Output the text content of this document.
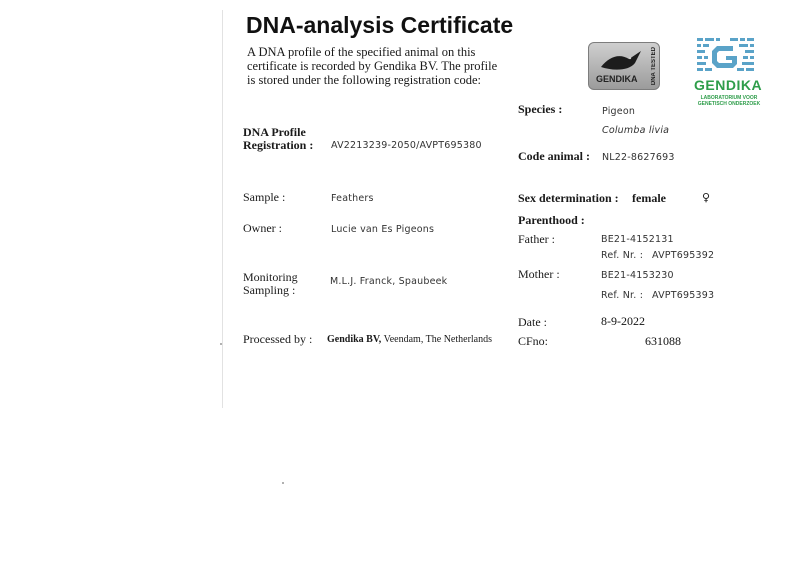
DNA-analysis Certificate
A DNA profile of the specified animal on this certificate is recorded by Gendika BV. The profile is stored under the following registration code:	GENDIKA DNA TESTED	GENDIKA
LABORATORIUM VOOR GENETISCH ONDERZOEK
DNA Profile
Registration : AV2213239-2050/AVPT695380
Sample :	Feathers
Owner :	Lucie van Es Pigeons
Monitoring
Sampling :
M.L.J. Franck, Spaubeek
Processed by : Gendika BV, Veendam, The Netherlands
Species :	Pigeon
Columba livia
Code animal : NL22-8627693
Sex determination : female	♀
Parenthood :
Father :	BE21-4152131
Ref. Nr. : AVPT695392
Mother :	BE21-4153230
Ref. Nr. : AVPT695393
Date :	8-9-2022
CFno:	631088
